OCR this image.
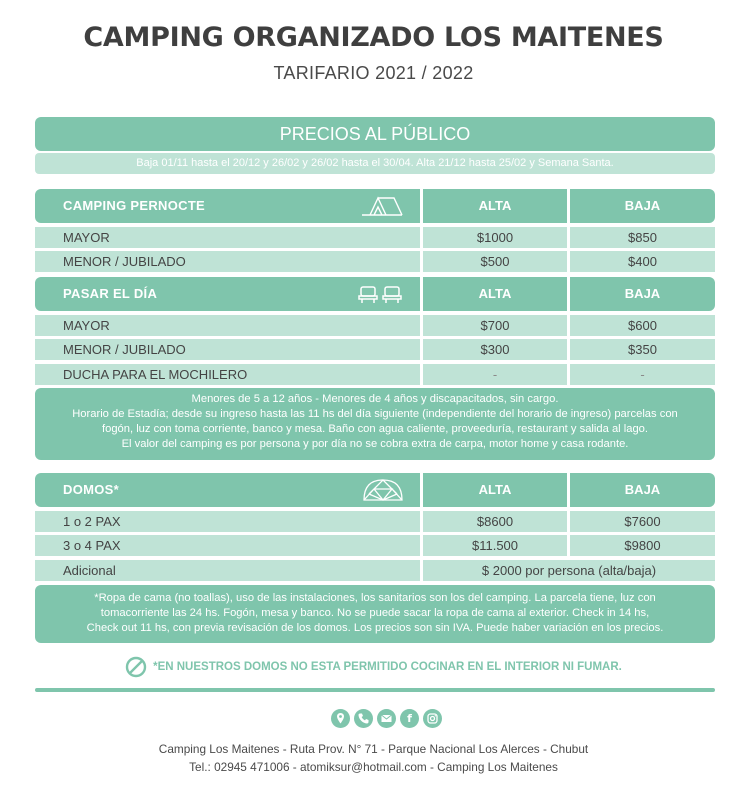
CAMPING ORGANIZADO LOS MAITENES
TARIFARIO 2021 / 2022
PRECIOS AL PÚBLICO
Baja 01/11 hasta el 20/12 y 26/02 y 26/02 hasta el 30/04. Alta 21/12 hasta 25/02 y Semana Santa.
CAMPING PERNOCTE	ALTA	BAJA
MAYOR	$1000	$850
MENOR / JUBILADO	$500	$400
PASAR EL DÍA	ALTA	BAJA
MAYOR	$700	$600
MENOR / JUBILADO	$300	$350
DUCHA PARA EL MOCHILERO	-	-
Menores de 5 a 12 años - Menores de 4 años y discapacitados, sin cargo.
Horario de Estadía; desde su ingreso hasta las 11 hs del día siguiente (independiente del horario de ingreso) parcelas con
fogón, luz con toma corriente, banco y mesa. Baño con agua caliente, proveeduría, restaurant y salida al lago.
El valor del camping es por persona y por día no se cobra extra de carpa, motor home y casa rodante.
DOMOS*	ALTA	BAJA
1 o 2 PAX	$8600	$7600
3 o 4 PAX	$11.500	$9800
Adicional	$ 2000 por persona (alta/baja)
*Ropa de cama (no toallas), uso de las instalaciones, los sanitarios son los del camping. La parcela tiene, luz con
tomacorriente las 24 hs. Fogón, mesa y banco. No se puede sacar la ropa de cama al exterior. Check in 14 hs,
Check out 11 hs, con previa revisación de los domos. Los precios son sin IVA. Puede haber variación en los precios.
*EN NUESTROS DOMOS NO ESTA PERMITIDO COCINAR EN EL INTERIOR NI FUMAR.
f
Camping Los Maitenes - Ruta Prov. N° 71 - Parque Nacional Los Alerces - Chubut
Tel.: 02945 471006 - atomiksur@hotmail.com - Camping Los Maitenes
